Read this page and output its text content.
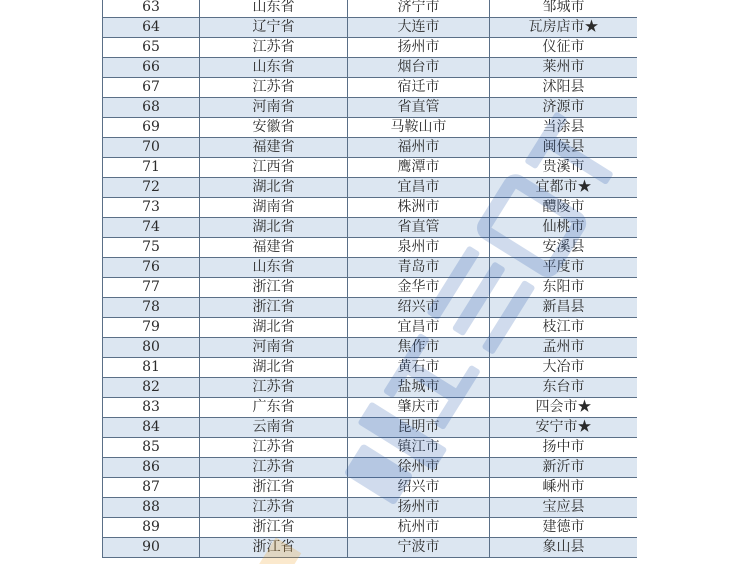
63	山东省	济宁市	邹城市
64	辽宁省	大连市	瓦房店市★
65	江苏省	扬州市	仪征市
66	山东省	烟台市	莱州市
67	江苏省	宿迁市	沭阳县
68	河南省	省直管	济源市
69	安徽省	马鞍山市	当涂县
70	福建省	福州市	闽侯县
71	江西省	鹰潭市	贵溪市
72	湖北省	宜昌市	宜都市★
73	湖南省	株洲市	醴陵市
74	湖北省	省直管	仙桃市
75	福建省	泉州市	安溪县
76	山东省	青岛市	平度市
77	浙江省	金华市	东阳市
78	浙江省	绍兴市	新昌县
79	湖北省	宜昌市	枝江市
80	河南省	焦作市	孟州市
81	湖北省	黄石市	大冶市
82	江苏省	盐城市	东台市
83	广东省	肇庆市	四会市★
84	云南省	昆明市	安宁市★
85	江苏省	镇江市	扬中市
86	江苏省	徐州市	新沂市
87	浙江省	绍兴市	嵊州市
88	江苏省	扬州市	宝应县
89	浙江省	杭州市	建德市
90	浙江省	宁波市	象山县
